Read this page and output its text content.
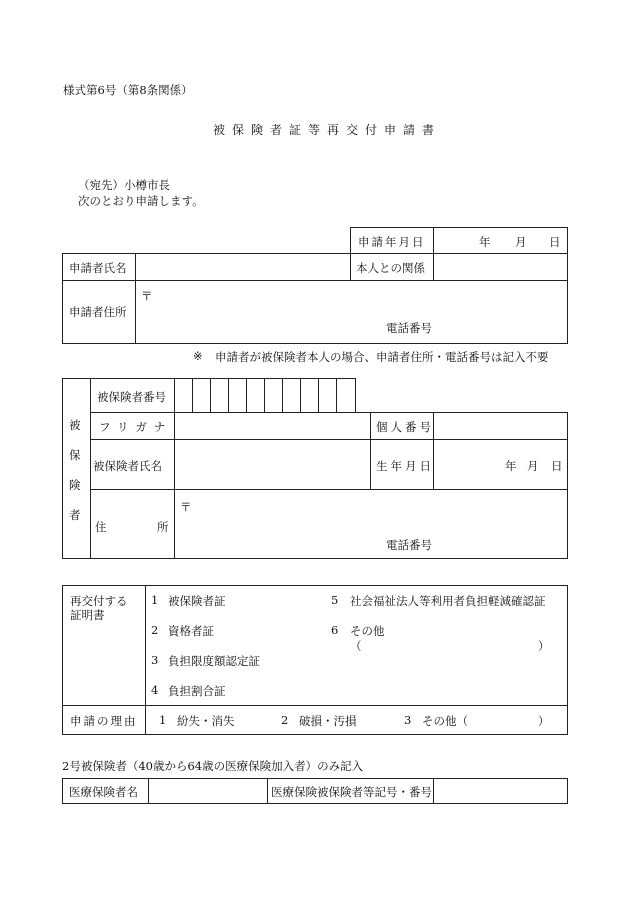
様式第6号（第8条関係）
被保険者証等再交付申請書
（宛先）小樽市長
次のとおり申請します。
申請年月日	年 月 日
申請者氏名	本人との関係
申請者住所
〒
電話番号
※ 申請者が被保険者本人の場合、申請者住所・電話番号は記入不要
被
保
険
者
被保険者番号
フリガナ	個人番号
被保険者氏名	生年月日	年 月 日
〒
住	所
電話番号
再交付する
証明書
1 被保険者証
2 資格者証
3 負担限度額認定証
4 負担割合証
5 社会福祉法人等利用者負担軽減確認証
6 その他
（	）
申請の理由 1 紛失・消失	2 破損・汚損	3 その他（	）
2号被保険者（40歳から64歳の医療保険加入者）のみ記入
医療保険者名	医療保険被保険者等記号・番号
